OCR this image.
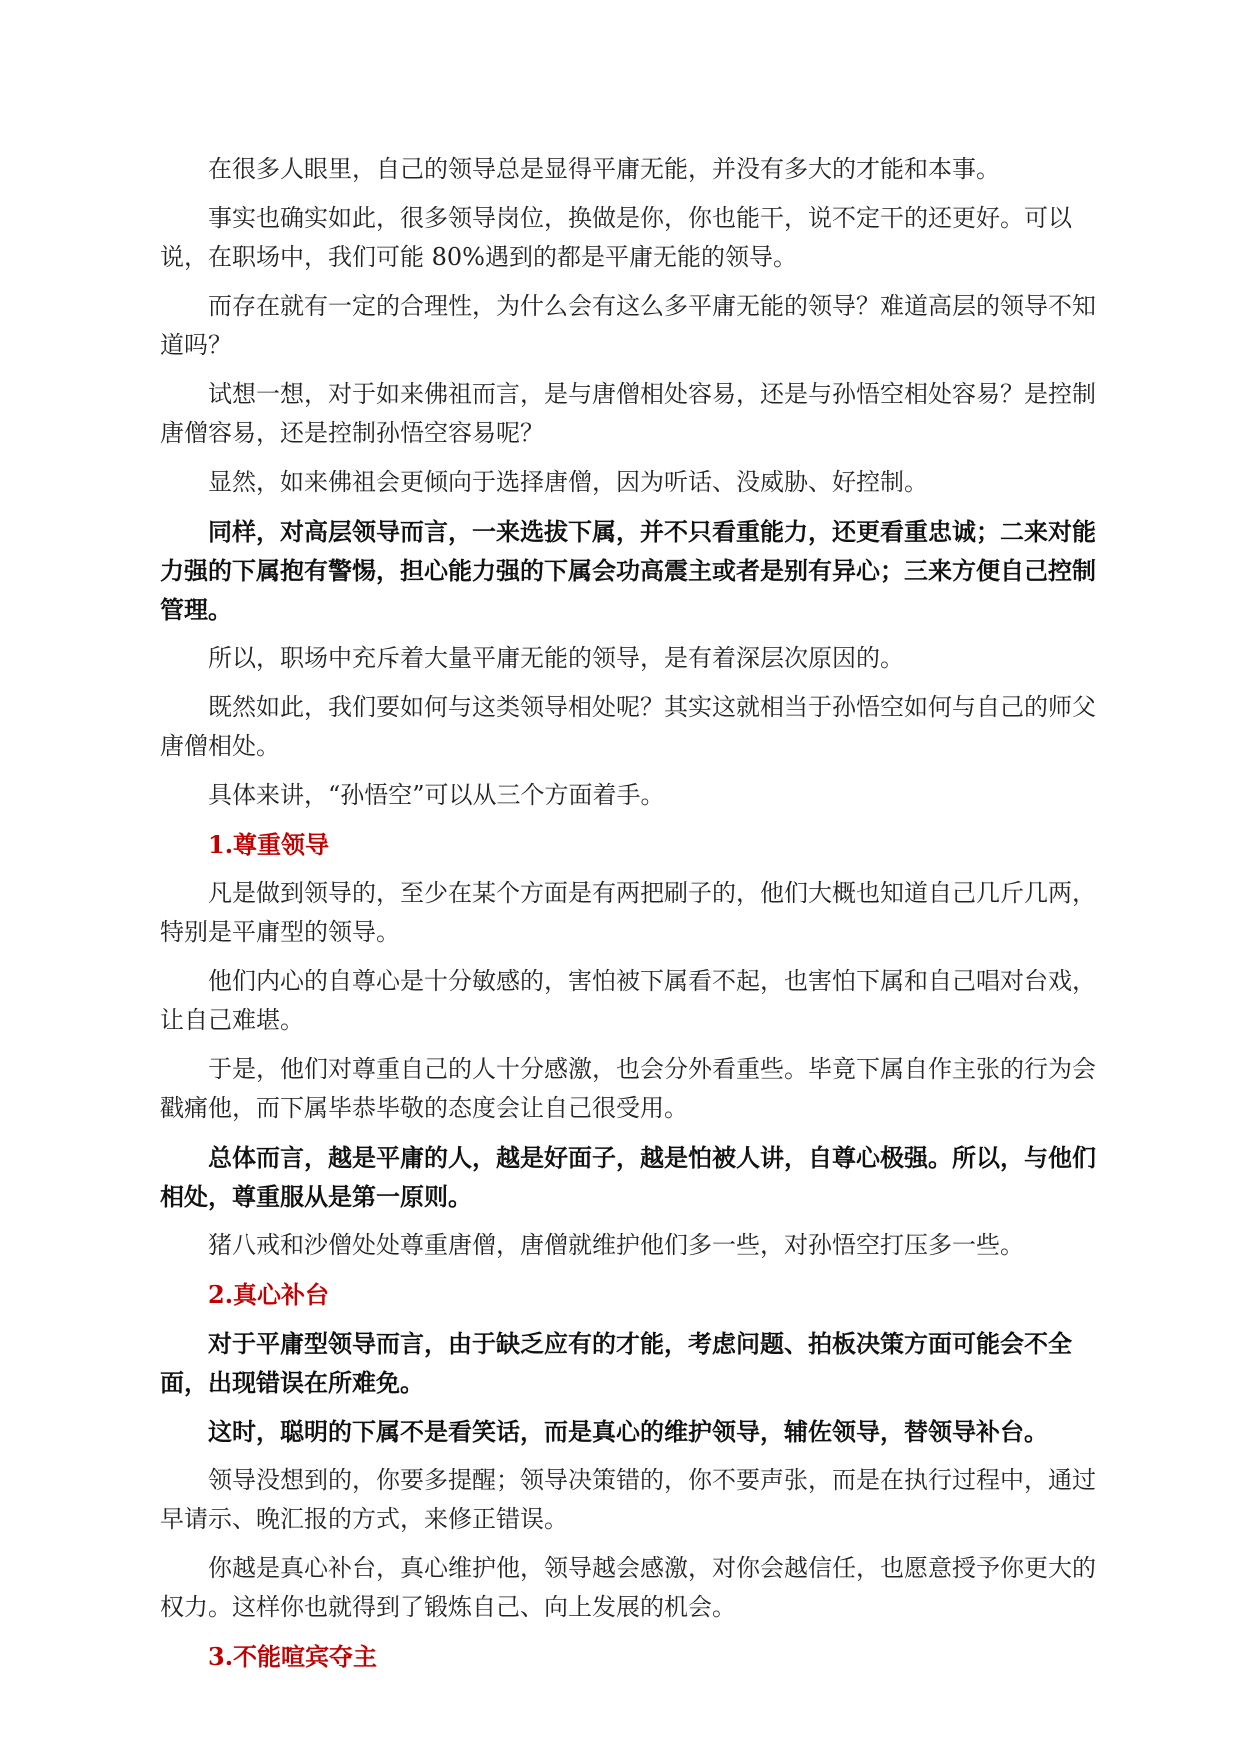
在很多人眼里，自己的领导总是显得平庸无能，并没有多大的才能和本事。

事实也确实如此，很多领导岗位，换做是你，你也能干，说不定干的还更好。可以说，在职场中，我们可能 80%遇到的都是平庸无能的领导。

而存在就有一定的合理性，为什么会有这么多平庸无能的领导？难道高层的领导不知道吗？

试想一想，对于如来佛祖而言，是与唐僧相处容易，还是与孙悟空相处容易？是控制唐僧容易，还是控制孙悟空容易呢？

显然，如来佛祖会更倾向于选择唐僧，因为听话、没威胁、好控制。

同样，对高层领导而言，一来选拔下属，并不只看重能力，还更看重忠诚；二来对能力强的下属抱有警惕，担心能力强的下属会功高震主或者是别有异心；三来方便自己控制管理。

所以，职场中充斥着大量平庸无能的领导，是有着深层次原因的。

既然如此，我们要如何与这类领导相处呢？其实这就相当于孙悟空如何与自己的师父唐僧相处。

具体来讲，“孙悟空”可以从三个方面着手。

1.尊重领导

凡是做到领导的，至少在某个方面是有两把刷子的，他们大概也知道自己几斤几两，特别是平庸型的领导。

他们内心的自尊心是十分敏感的，害怕被下属看不起，也害怕下属和自己唱对台戏，让自己难堪。

于是，他们对尊重自己的人十分感激，也会分外看重些。毕竟下属自作主张的行为会戳痛他，而下属毕恭毕敬的态度会让自己很受用。

总体而言，越是平庸的人，越是好面子，越是怕被人讲，自尊心极强。所以，与他们相处，尊重服从是第一原则。

猪八戒和沙僧处处尊重唐僧，唐僧就维护他们多一些，对孙悟空打压多一些。

2.真心补台

对于平庸型领导而言，由于缺乏应有的才能，考虑问题、拍板决策方面可能会不全面，出现错误在所难免。

这时，聪明的下属不是看笑话，而是真心的维护领导，辅佐领导，替领导补台。

领导没想到的，你要多提醒；领导决策错的，你不要声张，而是在执行过程中，通过早请示、晚汇报的方式，来修正错误。

你越是真心补台，真心维护他，领导越会感激，对你会越信任，也愿意授予你更大的权力。这样你也就得到了锻炼自己、向上发展的机会。

3.不能喧宾夺主
